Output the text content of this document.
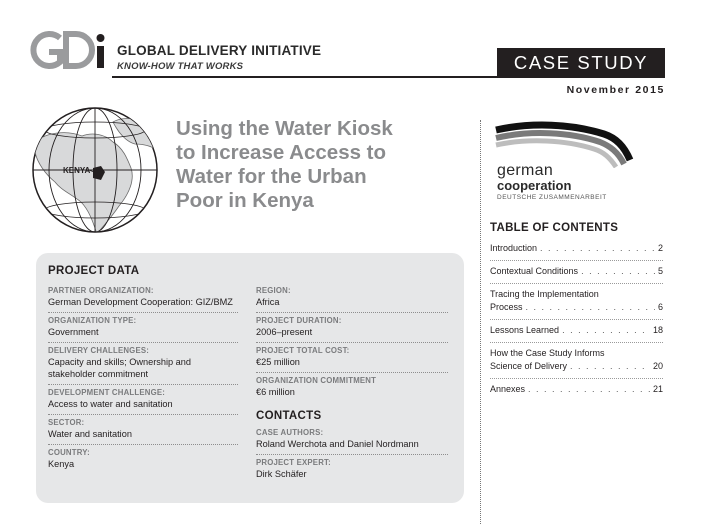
GDi
GLOBAL DELIVERY INITIATIVE
KNOW-HOW THAT WORKS	CASE STUDY
November 2015
KENYA
Using the Water Kiosk
to Increase Access to
Water for the Urban
Poor in Kenya
german
cooperation
DEUTSCHE ZUSAMMENARBEIT
TABLE OF CONTENTS
Introduction . . .	2
Contextual Conditions . . .	5
Tracing the Implementation
Process . . .	6
Lessons Learned . . .	18
How the Case Study Informs
Science of Delivery . . .	20
Annexes . . .	21
PROJECT DATA
PARTNER ORGANIZATION:
German Development Cooperation: GIZ/BMZ
ORGANIZATION TYPE:
Government
DELIVERY CHALLENGES:
Capacity and skills; Ownership and stakeholder commitment
DEVELOPMENT CHALLENGE:
Access to water and sanitation
SECTOR:
Water and sanitation
COUNTRY:
Kenya
REGION:
Africa
PROJECT DURATION:
2006–present
PROJECT TOTAL COST:
€25 million
ORGANIZATION COMMITMENT
€6 million
CONTACTS
CASE AUTHORS:
Roland Werchota and Daniel Nordmann
PROJECT EXPERT:
Dirk Schäfer
